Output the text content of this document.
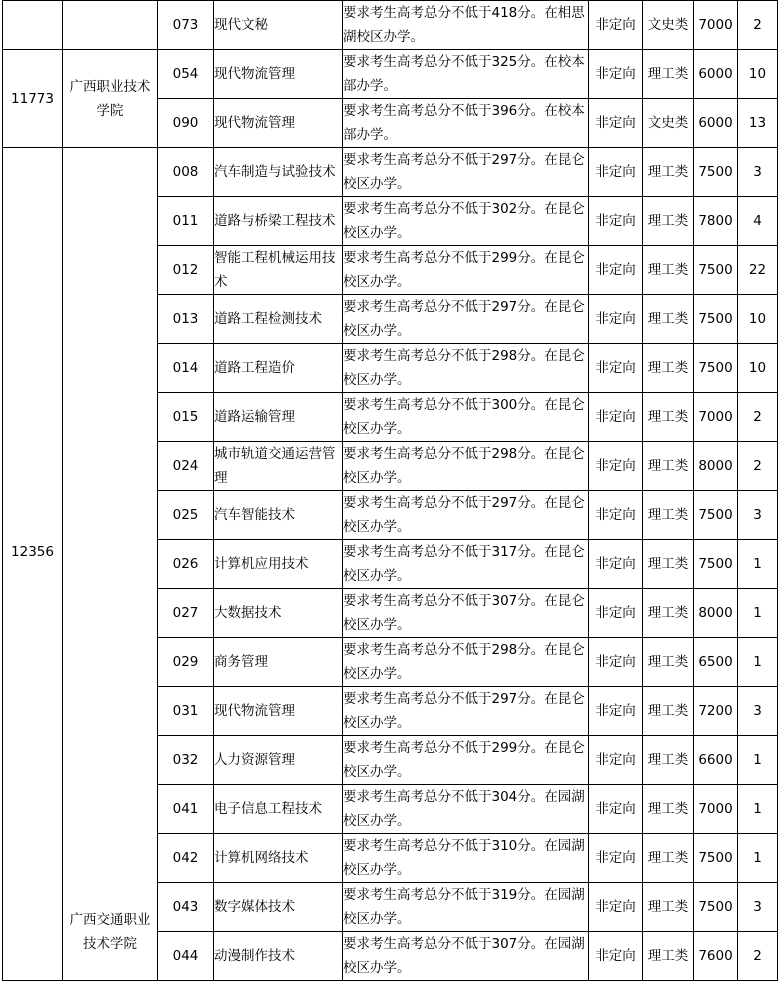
		073	现代文秘	要求考生高考总分不低于418分。在相思湖校区办学。	非定向	文史类	7000	2
11773	广西职业技术学院	054	现代物流管理	要求考生高考总分不低于325分。在校本部办学。	非定向	理工类	6000	10
		090	现代物流管理	要求考生高考总分不低于396分。在校本部办学。	非定向	文史类	6000	13
12356	广西交通职业技术学院	008	汽车制造与试验技术	要求考生高考总分不低于297分。在昆仑校区办学。	非定向	理工类	7500	3
		011	道路与桥梁工程技术	要求考生高考总分不低于302分。在昆仑校区办学。	非定向	理工类	7800	4
		012	智能工程机械运用技术	要求考生高考总分不低于299分。在昆仑校区办学。	非定向	理工类	7500	22
		013	道路工程检测技术	要求考生高考总分不低于297分。在昆仑校区办学。	非定向	理工类	7500	10
		014	道路工程造价	要求考生高考总分不低于298分。在昆仑校区办学。	非定向	理工类	7500	10
		015	道路运输管理	要求考生高考总分不低于300分。在昆仑校区办学。	非定向	理工类	7000	2
		024	城市轨道交通运营管理	要求考生高考总分不低于298分。在昆仑校区办学。	非定向	理工类	8000	2
		025	汽车智能技术	要求考生高考总分不低于297分。在昆仑校区办学。	非定向	理工类	7500	3
		026	计算机应用技术	要求考生高考总分不低于317分。在昆仑校区办学。	非定向	理工类	7500	1
		027	大数据技术	要求考生高考总分不低于307分。在昆仑校区办学。	非定向	理工类	8000	1
		029	商务管理	要求考生高考总分不低于298分。在昆仑校区办学。	非定向	理工类	6500	1
		031	现代物流管理	要求考生高考总分不低于297分。在昆仑校区办学。	非定向	理工类	7200	3
		032	人力资源管理	要求考生高考总分不低于299分。在昆仑校区办学。	非定向	理工类	6600	1
		041	电子信息工程技术	要求考生高考总分不低于304分。在园湖校区办学。	非定向	理工类	7000	1
		042	计算机网络技术	要求考生高考总分不低于310分。在园湖校区办学。	非定向	理工类	7500	1
		043	数字媒体技术	要求考生高考总分不低于319分。在园湖校区办学。	非定向	理工类	7500	3
		044	动漫制作技术	要求考生高考总分不低于307分。在园湖校区办学。	非定向	理工类	7600	2
